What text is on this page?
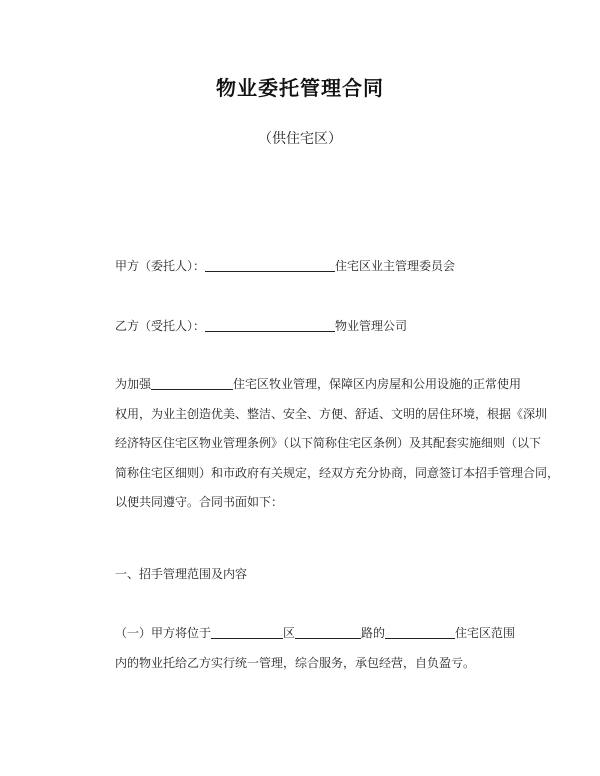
物业委托管理合同
（供住宅区）
甲方（委托人）：	住宅区业主管理委员会
乙方（受托人）：	物业管理公司

为加强	住宅区牧业管理，保障区内房屋和公用设施的正常使用

权用，为业主创造优美、整洁、安全、方便、舒适、文明的居住环境，根据《深圳

经济特区住宅区物业管理条例》（以下简称住宅区条例）及其配套实施细则（以下

简称住宅区细则）和市政府有关规定，经双方充分协商，同意签订本招手管理合同，

以便共同遵守。合同书面如下：

一、招手管理范围及内容

（一）甲方将位于	区	路的	住宅区范围

内的物业托给乙方实行统一管理，综合服务，承包经营，自负盈亏。
